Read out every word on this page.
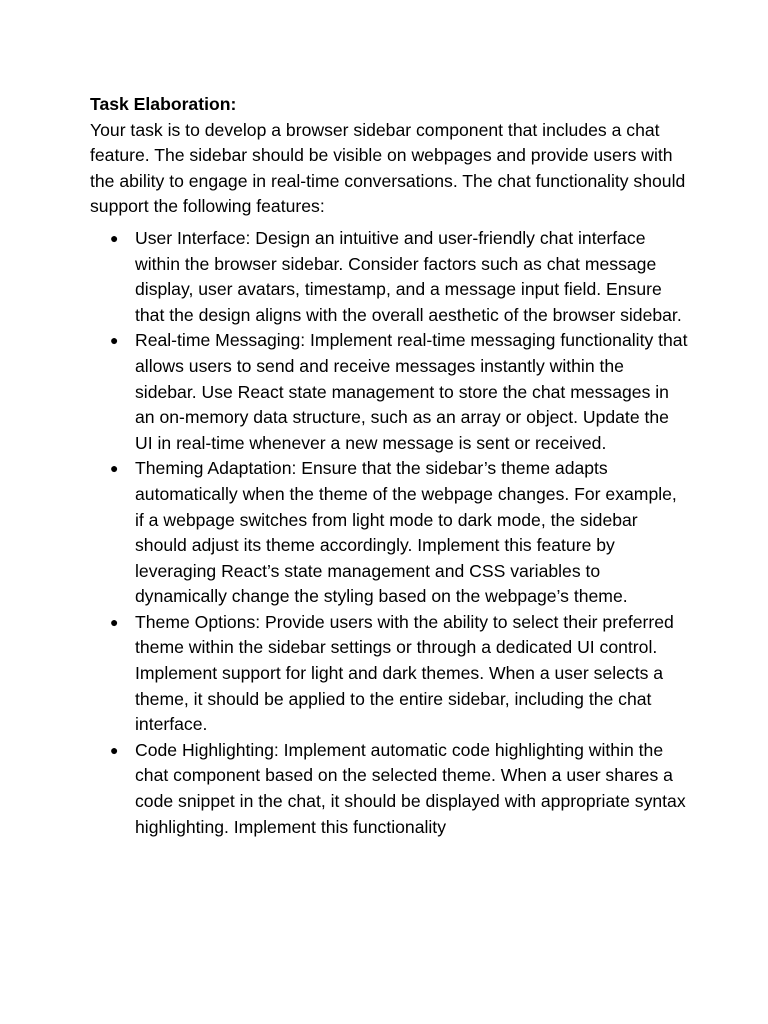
Task Elaboration:

Your task is to develop a browser sidebar component that includes a chat feature. The sidebar should be visible on webpages and provide users with the ability to engage in real-time conversations. The chat functionality should support the following features:

● User Interface: Design an intuitive and user-friendly chat interface within the browser sidebar. Consider factors such as chat message display, user avatars, timestamp, and a message input field. Ensure that the design aligns with the overall aesthetic of the browser sidebar.
● Real-time Messaging: Implement real-time messaging functionality that allows users to send and receive messages instantly within the sidebar. Use React state management to store the chat messages in an on-memory data structure, such as an array or object. Update the UI in real-time whenever a new message is sent or received.
● Theming Adaptation: Ensure that the sidebar’s theme adapts automatically when the theme of the webpage changes. For example, if a webpage switches from light mode to dark mode, the sidebar should adjust its theme accordingly. Implement this feature by leveraging React’s state management and CSS variables to dynamically change the styling based on the webpage’s theme.
● Theme Options: Provide users with the ability to select their preferred theme within the sidebar settings or through a dedicated UI control. Implement support for light and dark themes. When a user selects a theme, it should be applied to the entire sidebar, including the chat interface.
● Code Highlighting: Implement automatic code highlighting within the chat component based on the selected theme. When a user shares a code snippet in the chat, it should be displayed with appropriate syntax highlighting. Implement this functionality
